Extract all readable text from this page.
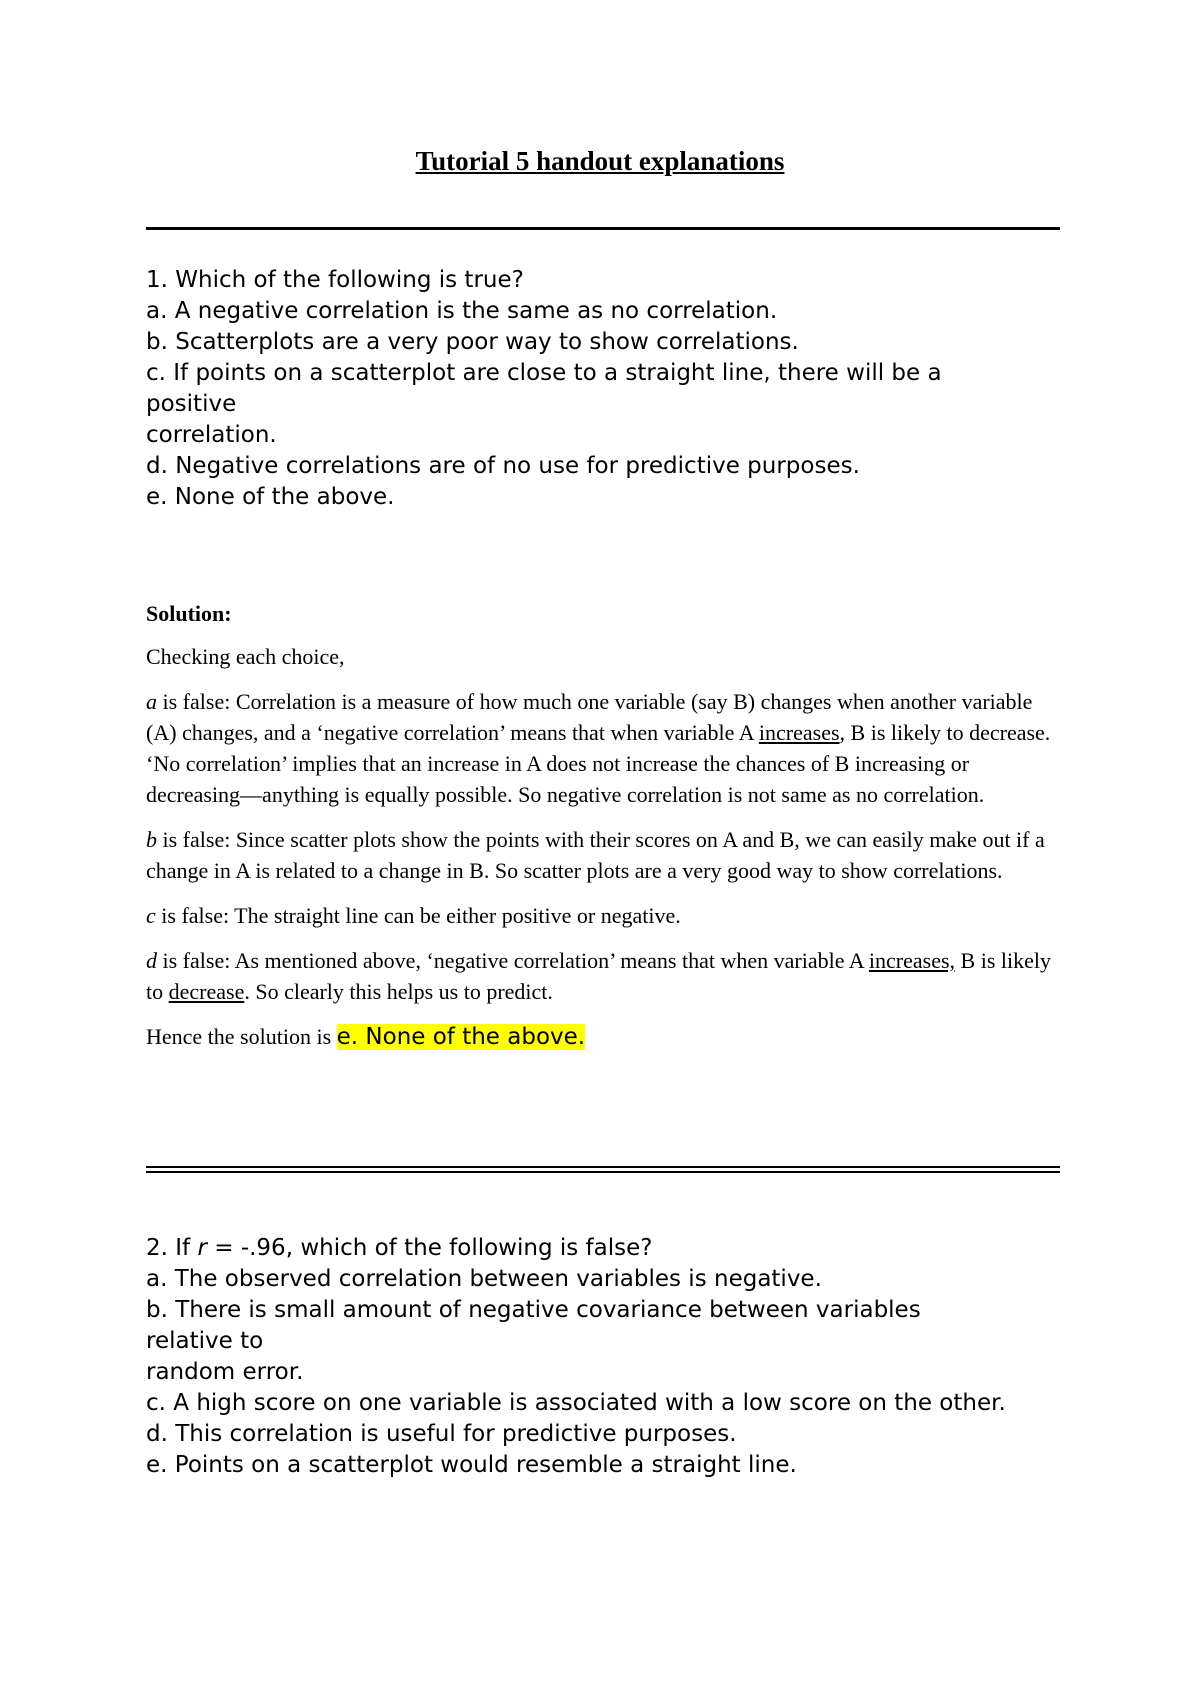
Tutorial 5 handout explanations
1. Which of the following is true?
a. A negative correlation is the same as no correlation.
b. Scatterplots are a very poor way to show correlations.
c. If points on a scatterplot are close to a straight line, there will be a
positive
correlation.
d. Negative correlations are of no use for predictive purposes.
e. None of the above.
Solution:

Checking each choice,

a is false: Correlation is a measure of how much one variable (say B) changes when another variable (A) changes, and a ‘negative correlation’ means that when variable A increases, B is likely to decrease. ‘No correlation’ implies that an increase in A does not increase the chances of B increasing or decreasing—anything is equally possible. So negative correlation is not same as no correlation.

b is false: Since scatter plots show the points with their scores on A and B, we can easily make out if a change in A is related to a change in B. So scatter plots are a very good way to show correlations.

c is false: The straight line can be either positive or negative.

d is false: As mentioned above, ‘negative correlation’ means that when variable A increases, B is likely to decrease. So clearly this helps us to predict.

Hence the solution is e. None of the above.

2. If r = -.96, which of the following is false?
a. The observed correlation between variables is negative.
b. There is small amount of negative covariance between variables
relative to
random error.
c. A high score on one variable is associated with a low score on the other.
d. This correlation is useful for predictive purposes.
e. Points on a scatterplot would resemble a straight line.
